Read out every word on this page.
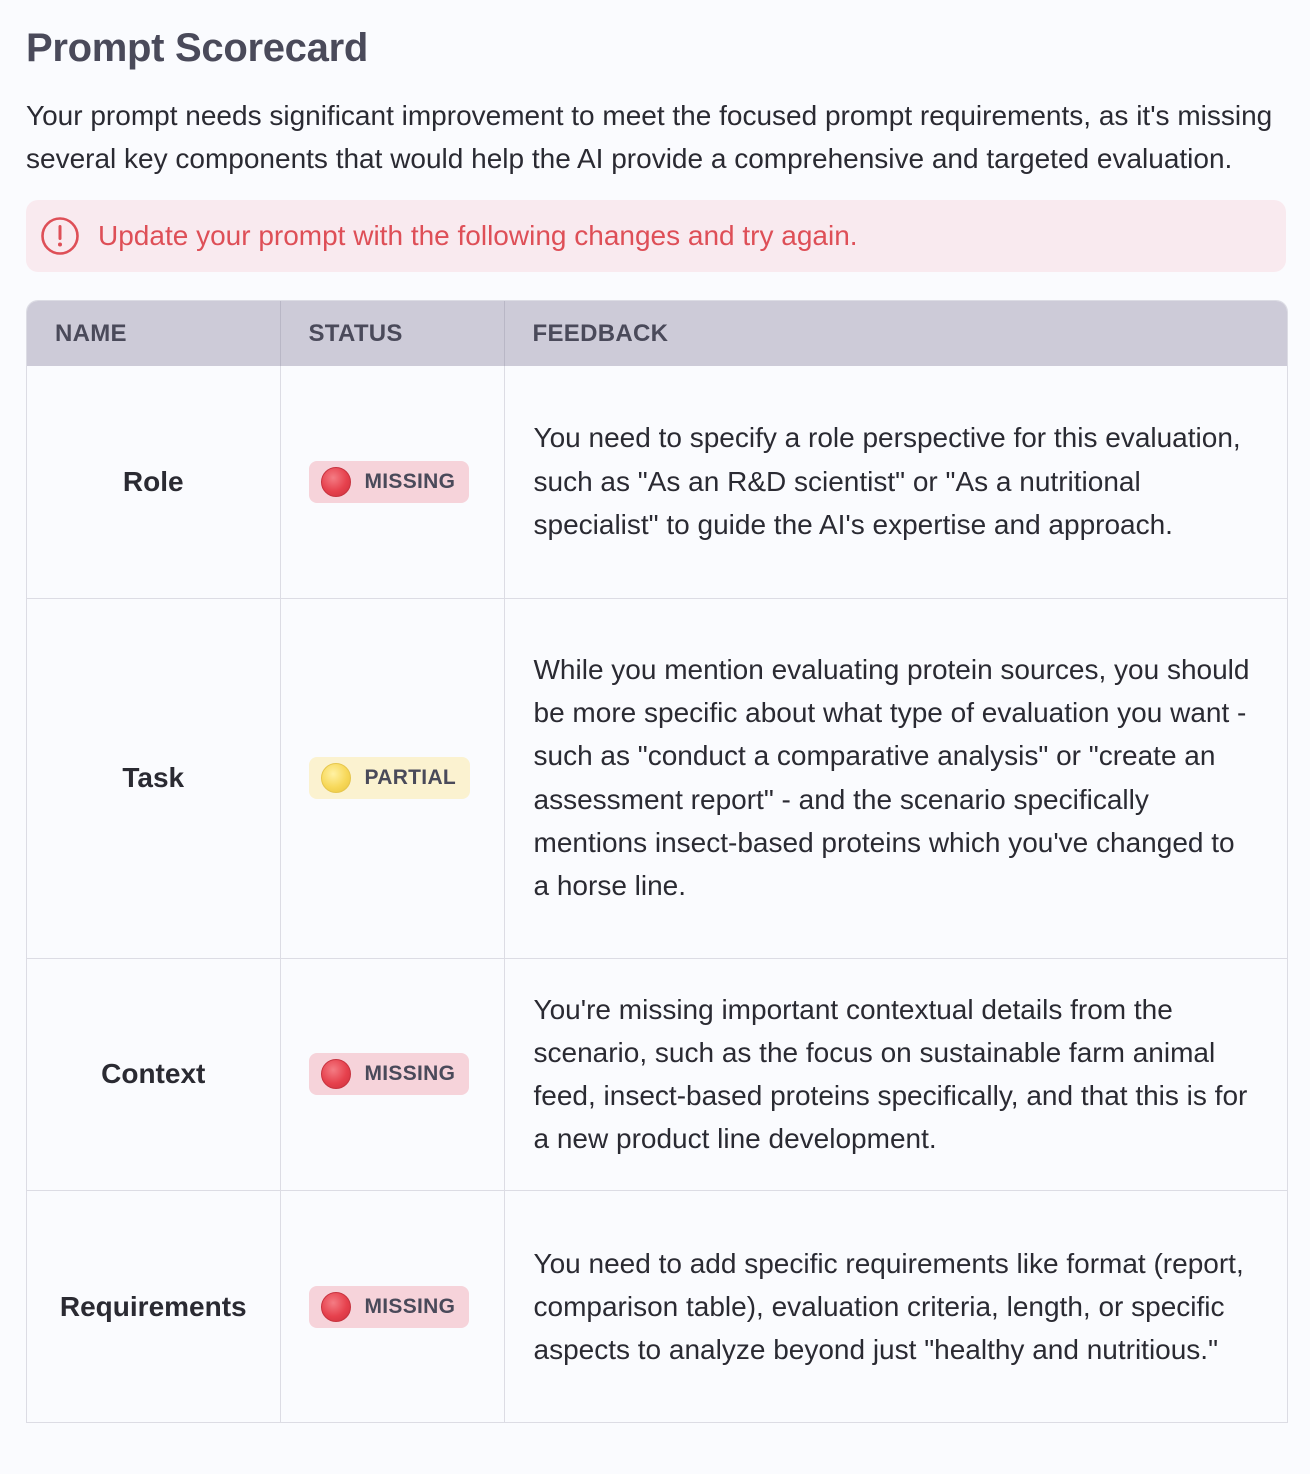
Prompt Scorecard

Your prompt needs significant improvement to meet the focused prompt requirements, as it's missing several key components that would help the AI provide a comprehensive and targeted evaluation.

Update your prompt with the following changes and try again.
NAME	STATUS	FEEDBACK
Role	MISSING	You need to specify a role perspective for this evaluation, such as "As an R&D scientist" or "As a nutritional specialist" to guide the AI's expertise and approach.
Task	PARTIAL	While you mention evaluating protein sources, you should be more specific about what type of evaluation you want - such as "conduct a comparative analysis" or "create an assessment report" - and the scenario specifically mentions insect-based proteins which you've changed to a horse line.
Context	MISSING	You're missing important contextual details from the scenario, such as the focus on sustainable farm animal feed, insect-based proteins specifically, and that this is for a new product line development.
Requirements	MISSING	You need to add specific requirements like format (report, comparison table), evaluation criteria, length, or specific aspects to analyze beyond just "healthy and nutritious."
